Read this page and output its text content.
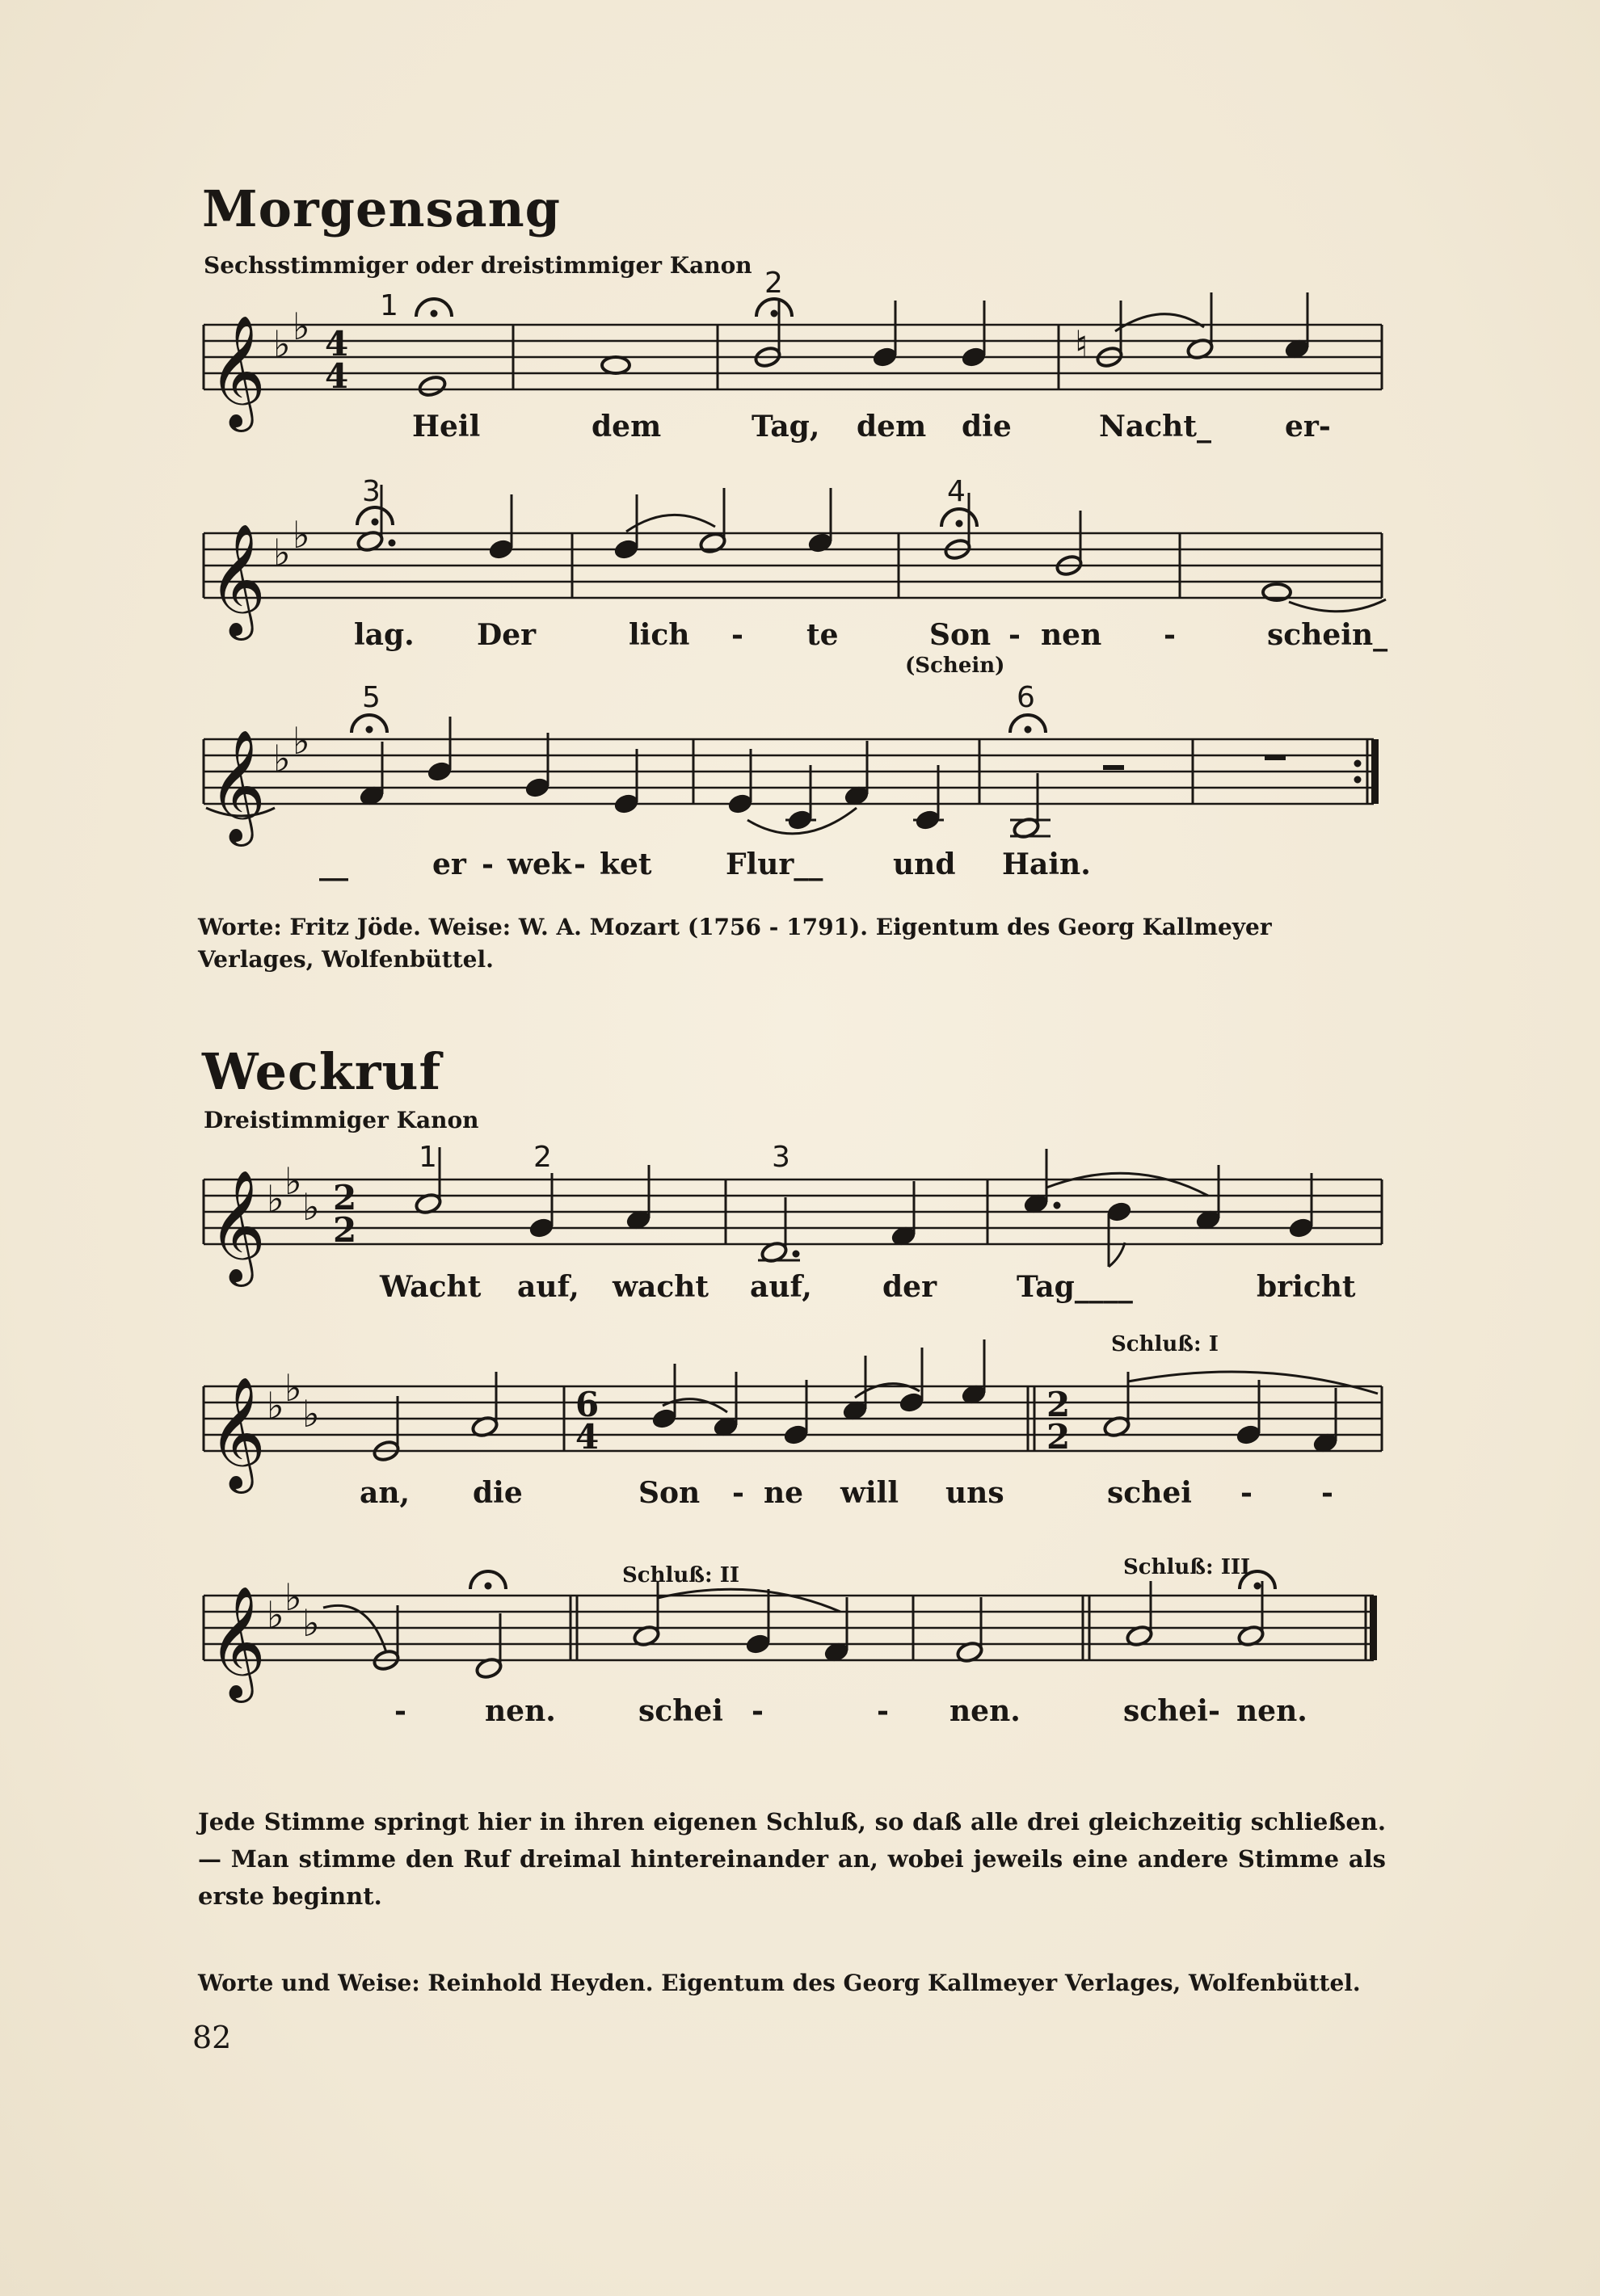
Morgensang
Sechsstimmiger oder dreistimmiger Kanon
𝄞 ♭ ♭ 4
4
𝄞 ♭ ♭
𝄞 ♭ ♭
♮
𝄞 ♭ ♭
♭ 2
2
𝄞 ♭ ♭
♭	6
4
2
2
𝄞 ♭ ♭
♭
1
2
3	4
5	6
Heil	dem	Tag, dem die	Nacht_	er-
lag. Der	lich - te	Son - nen -	schein_
(Schein)
__	er - wek - ket	Flur__ und Hain.
1	2	3
Schluß: I
Schluß: II	Schluß: III
Wacht auf, wacht auf, der	Tag____	bricht
an, die	Son - ne will uns	schei - -
-	nen.	schei -	- nen.	schei - nen.
Worte: Fritz Jöde. Weise: W. A. Mozart (1756 - 1791). Eigentum des Georg Kallmeyer Verlages, Wolfenbüttel.
Weckruf
Dreistimmiger Kanon
Jede Stimme springt hier in ihren eigenen Schluß, so daß alle drei gleichzeitig schließen. — Man stimme den Ruf dreimal hintereinander an, wobei jeweils eine andere Stimme als erste beginnt.
Worte und Weise: Reinhold Heyden. Eigentum des Georg Kallmeyer Verlages, Wolfenbüttel.
82
